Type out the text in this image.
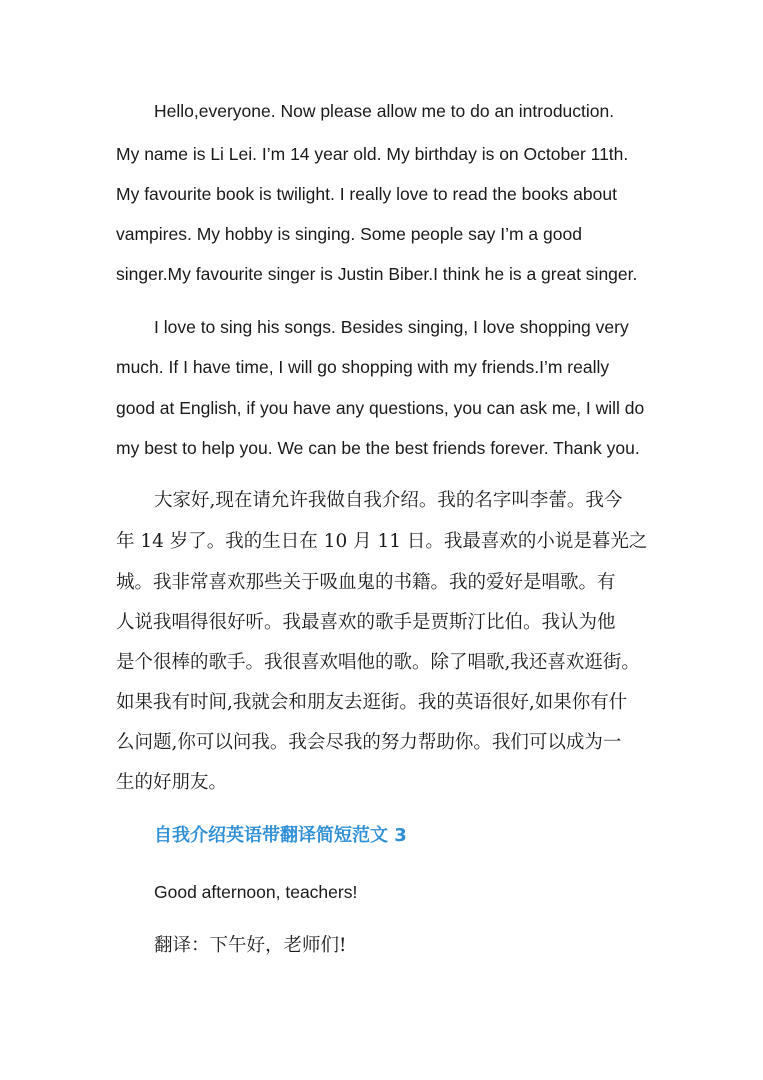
Hello,everyone. Now please allow me to do an introduction.
My name is Li Lei. I’m 14 year old. My birthday is on October 11th.
My favourite book is twilight. I really love to read the books about
vampires. My hobby is singing. Some people say I’m a good
singer.My favourite singer is Justin Biber.I think he is a great singer.
I love to sing his songs. Besides singing, I love shopping very
much. If I have time, I will go shopping with my friends.I’m really
good at English, if you have any questions, you can ask me, I will do
my best to help you. We can be the best friends forever. Thank you.
大家好,现在请允许我做自我介绍。我的名字叫李蕾。我今
年 14 岁了。我的生日在 10 月 11 日。我最喜欢的小说是暮光之
城。我非常喜欢那些关于吸血鬼的书籍。我的爱好是唱歌。有
人说我唱得很好听。我最喜欢的歌手是贾斯汀比伯。我认为他
是个很棒的歌手。我很喜欢唱他的歌。除了唱歌,我还喜欢逛街。
如果我有时间,我就会和朋友去逛街。我的英语很好,如果你有什
么问题,你可以问我。我会尽我的努力帮助你。我们可以成为一
生的好朋友。
自我介绍英语带翻译简短范文 3
Good afternoon, teachers!
翻译：下午好，老师们!
